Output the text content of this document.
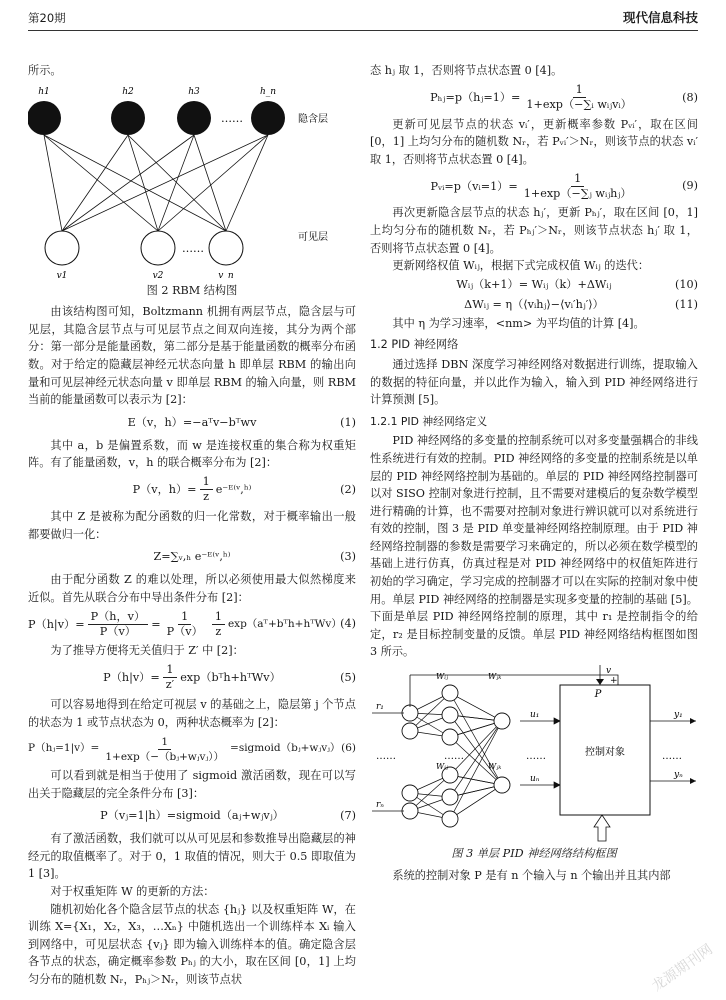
第20期	现代信息科技

所示。

h1	h2	h3	h_n
……
……
隐含层
可见层
v1	v2	v_n

图 2 RBM 结构图

由该结构图可知，Boltzmann 机拥有两层节点，隐含层与可见层，其隐含层节点与可见层节点之间双向连接，其分为两个部分：第一部分是能量函数，第二部分是基于能量函数的概率分布函数。对于给定的隐藏层神经元状态向量 h 即单层 RBM 的输出向量和可见层神经元状态向量 v 即单层 RBM 的输入向量，则 RBM 当前的能量函数可以表示为 [2]：

E（v，h）=−aᵀv−bᵀwv	(1)

其中 a，b 是偏置系数，而 w 是连接权重的集合称为权重矩阵。有了能量函数，v，h 的联合概率分布为 [2]：

P（v，$h)= \frac{1}{z}$ e⁻ᴱ⁽ᵛ,ʰ⁾	(2)

其中 Z 是被称为配分函数的归一化常数，对于概率输出一般都要做归一化：

Z=∑ᵥ,ₕ e⁻ᴱ⁽ᵛ,ʰ⁾	(3)

由于配分函数 Z 的难以处理，所以必须使用最大似然梯度来近似。首先从联合分布中导出条件分布 [2]：

$P(h|v)= \frac{P(h,v)}{P(v)} = \frac{1}{P(v)} \frac{1}{z}$ exp（aᵀ+bᵀh+hᵀWv）
(4)

为了推导方便将无关值归于 Z′ 中 [2]：

$P(h|v)= \frac{1}{z'}$ exp（bᵀh+hᵀWv）	(5)

可以容易地得到在给定可视层 v 的基础之上，隐层第 j 个节点的状态为 1 或节点状态为 0，两种状态概率为 [2]：

P（hⱼ=1|v）= $\frac{1}{\text{1+exp（−（bⱼ+wⱼvⱼ））}}$ =sigmoid（bⱼ+wⱼvⱼ） (6)

可以看到就是相当于使用了 sigmoid 激活函数，现在可以写出关于隐藏层的完全条件分布 [3]：

P（vⱼ=1|h）=sigmoid（aⱼ+wⱼvⱼ）	(7)

有了激活函数，我们就可以从可见层和参数推导出隐藏层的神经元的取值概率了。对于 0，1 取值的情况，则大于 0.5 即取值为 1 [3]。

对于权重矩阵 W 的更新的方法：

随机初始化各个隐含层节点的状态 {hⱼ} 以及权重矩阵 W，在训练 X={X₁，X₂，X₃，…Xₙ} 中随机选出一个训练样本 Xᵢ 输入到网络中，可见层状态 {vⱼ} 即为输入训练样本的值。确定隐含层各节点的状态，确定概率参数 Pₕⱼ 的大小，取在区间 [0，1] 上均匀分布的随机数 Nᵣ，Pₕⱼ＞Nᵣ，则该节点状

态 hⱼ 取 1，否则将节点状态置 0 [4]。

Pₕⱼ=p（hⱼ=1）= $\frac{1}{\text{1+exp（−∑ᵢ wᵢⱼvᵢ）}}$	(8)

更新可见层节点的状态 vᵢ′，更新概率参数 Pᵥᵢ′，取在区间 [0，1] 上均匀分布的随机数 Nᵣ，若 Pᵥᵢ′＞Nᵣ，则该节点的状态 vᵢ′ 取 1，否则将节点状态置 0 [4]。

Pᵥᵢ=p（vᵢ=1）= $\frac{1}{\text{1+exp（−∑ⱼ wᵢⱼhⱼ）}}$	(9)

再次更新隐含层节点的状态 hⱼ′，更新 Pₕⱼ′，取在区间 [0，1] 上均匀分布的随机数 Nᵣ，若 Pₕⱼ′＞Nᵣ，则该节点状态 hⱼ′ 取 1，否则将节点状态置 0 [4]。

更新网络权值 Wᵢⱼ，根据下式完成权值 Wᵢⱼ 的迭代：

Wᵢⱼ（k+1）= Wᵢⱼ（k）+ΔWᵢⱼ	(10)
ΔWᵢⱼ = η（⟨vᵢhⱼ⟩−⟨vᵢ′hⱼ′⟩）	(11)

其中 η 为学习速率，<nm> 为平均值的计算 [4]。

1.2 PID 神经网络

通过选择 DBN 深度学习神经网络对数据进行训练，提取输入的数据的特征向量，并以此作为输入，输入到 PID 神经网络进行计算预测 [5]。

1.2.1 PID 神经网络定义

PID 神经网络的多变量的控制系统可以对多变量强耦合的非线性系统进行有效的控制。PID 神经网络的多变量的控制系统是以单层的 PID 神经网络控制为基础的。单层的 PID 神经网络控制器可以对 SISO 控制对象进行控制，且不需要对建模后的复杂数学模型进行精确的计算，也不需要对控制对象进行辨识就可以对系统进行有效的控制，图 3 是 PID 单变量神经网络控制原理。由于 PID 神经网络控制器的参数是需要学习来确定的，所以必须在数学模型的基础上进行仿真，仿真过程是对 PID 神经网络中的权值矩阵进行初始的学习确定，学习完成的控制器才可以在实际的控制对象中使用。单层 PID 神经网络的控制器是实现多变量的控制的基础 [5]。下面是单层 PID 神经网络控制的原理，其中 r₁ 是控制指令的给定，r₂ 是目标控制变量的反馈。单层 PID 神经网络结构框图如图 3 所示。

r₁
rₙ
Wᵢⱼ
Wᵢⱼ
Wⱼₖ
Wⱼₖ
u₁
uₙ
v
+
P
控制对象
y₁
yₙ
……	……	……	……

图 3 单层 PID 神经网络结构框图

系统的控制对象 P 是有 n 个输入与 n 个输出并且其内部

龙源期刊网
